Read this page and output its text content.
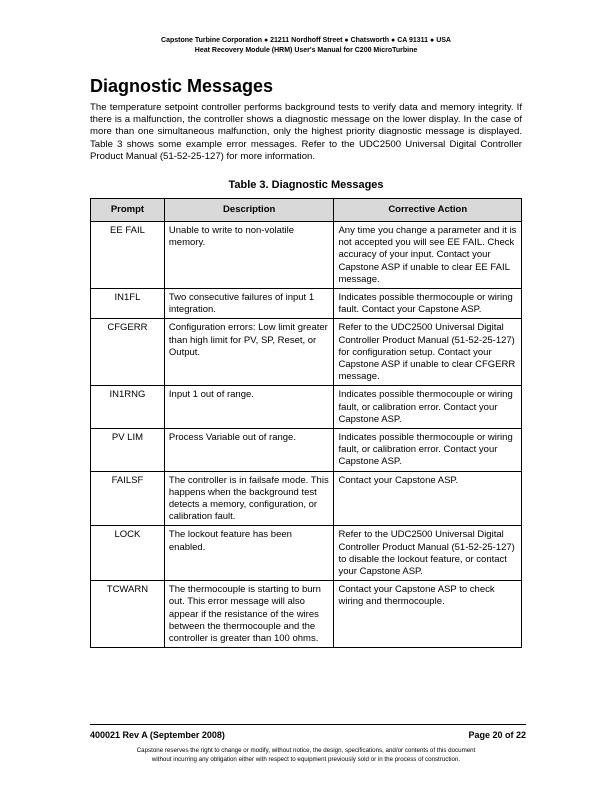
Capstone Turbine Corporation ● 21211 Nordhoff Street ● Chatsworth ● CA 91311 ● USA
Heat Recovery Module (HRM) User's Manual for C200 MicroTurbine
Diagnostic Messages

The temperature setpoint controller performs background tests to verify data and memory integrity. If there is a malfunction, the controller shows a diagnostic message on the lower display. In the case of more than one simultaneous malfunction, only the highest priority diagnostic message is displayed. Table 3 shows some example error messages. Refer to the UDC2500 Universal Digital Controller Product Manual (51-52-25-127) for more information.

Table 3. Diagnostic Messages
Prompt	Description	Corrective Action
EE FAIL	Unable to write to non-volatile memory.	Any time you change a parameter and it is not accepted you will see EE FAIL. Check accuracy of your input. Contact your Capstone ASP if unable to clear EE FAIL message.
IN1FL	Two consecutive failures of input 1 integration.	Indicates possible thermocouple or wiring fault. Contact your Capstone ASP.
CFGERR	Configuration errors: Low limit greater than high limit for PV, SP, Reset, or Output.	Refer to the UDC2500 Universal Digital Controller Product Manual (51-52-25-127) for configuration setup. Contact your Capstone ASP if unable to clear CFGERR message.
IN1RNG	Input 1 out of range.	Indicates possible thermocouple or wiring fault, or calibration error. Contact your Capstone ASP.
PV LIM	Process Variable out of range.	Indicates possible thermocouple or wiring fault, or calibration error. Contact your Capstone ASP.
FAILSF	The controller is in failsafe mode. This happens when the background test detects a memory, configuration, or calibration fault.	Contact your Capstone ASP.
LOCK	The lockout feature has been enabled.	Refer to the UDC2500 Universal Digital Controller Product Manual (51-52-25-127) to disable the lockout feature, or contact your Capstone ASP.
TCWARN	The thermocouple is starting to burn out. This error message will also appear if the resistance of the wires between the thermocouple and the controller is greater than 100 ohms.	Contact your Capstone ASP to check wiring and thermocouple.
400021 Rev A (September 2008)	Page 20 of 22
Capstone reserves the right to change or modify, without notice, the design, specifications, and/or contents of this document
without incurring any obligation either with respect to equipment previously sold or in the process of construction.
